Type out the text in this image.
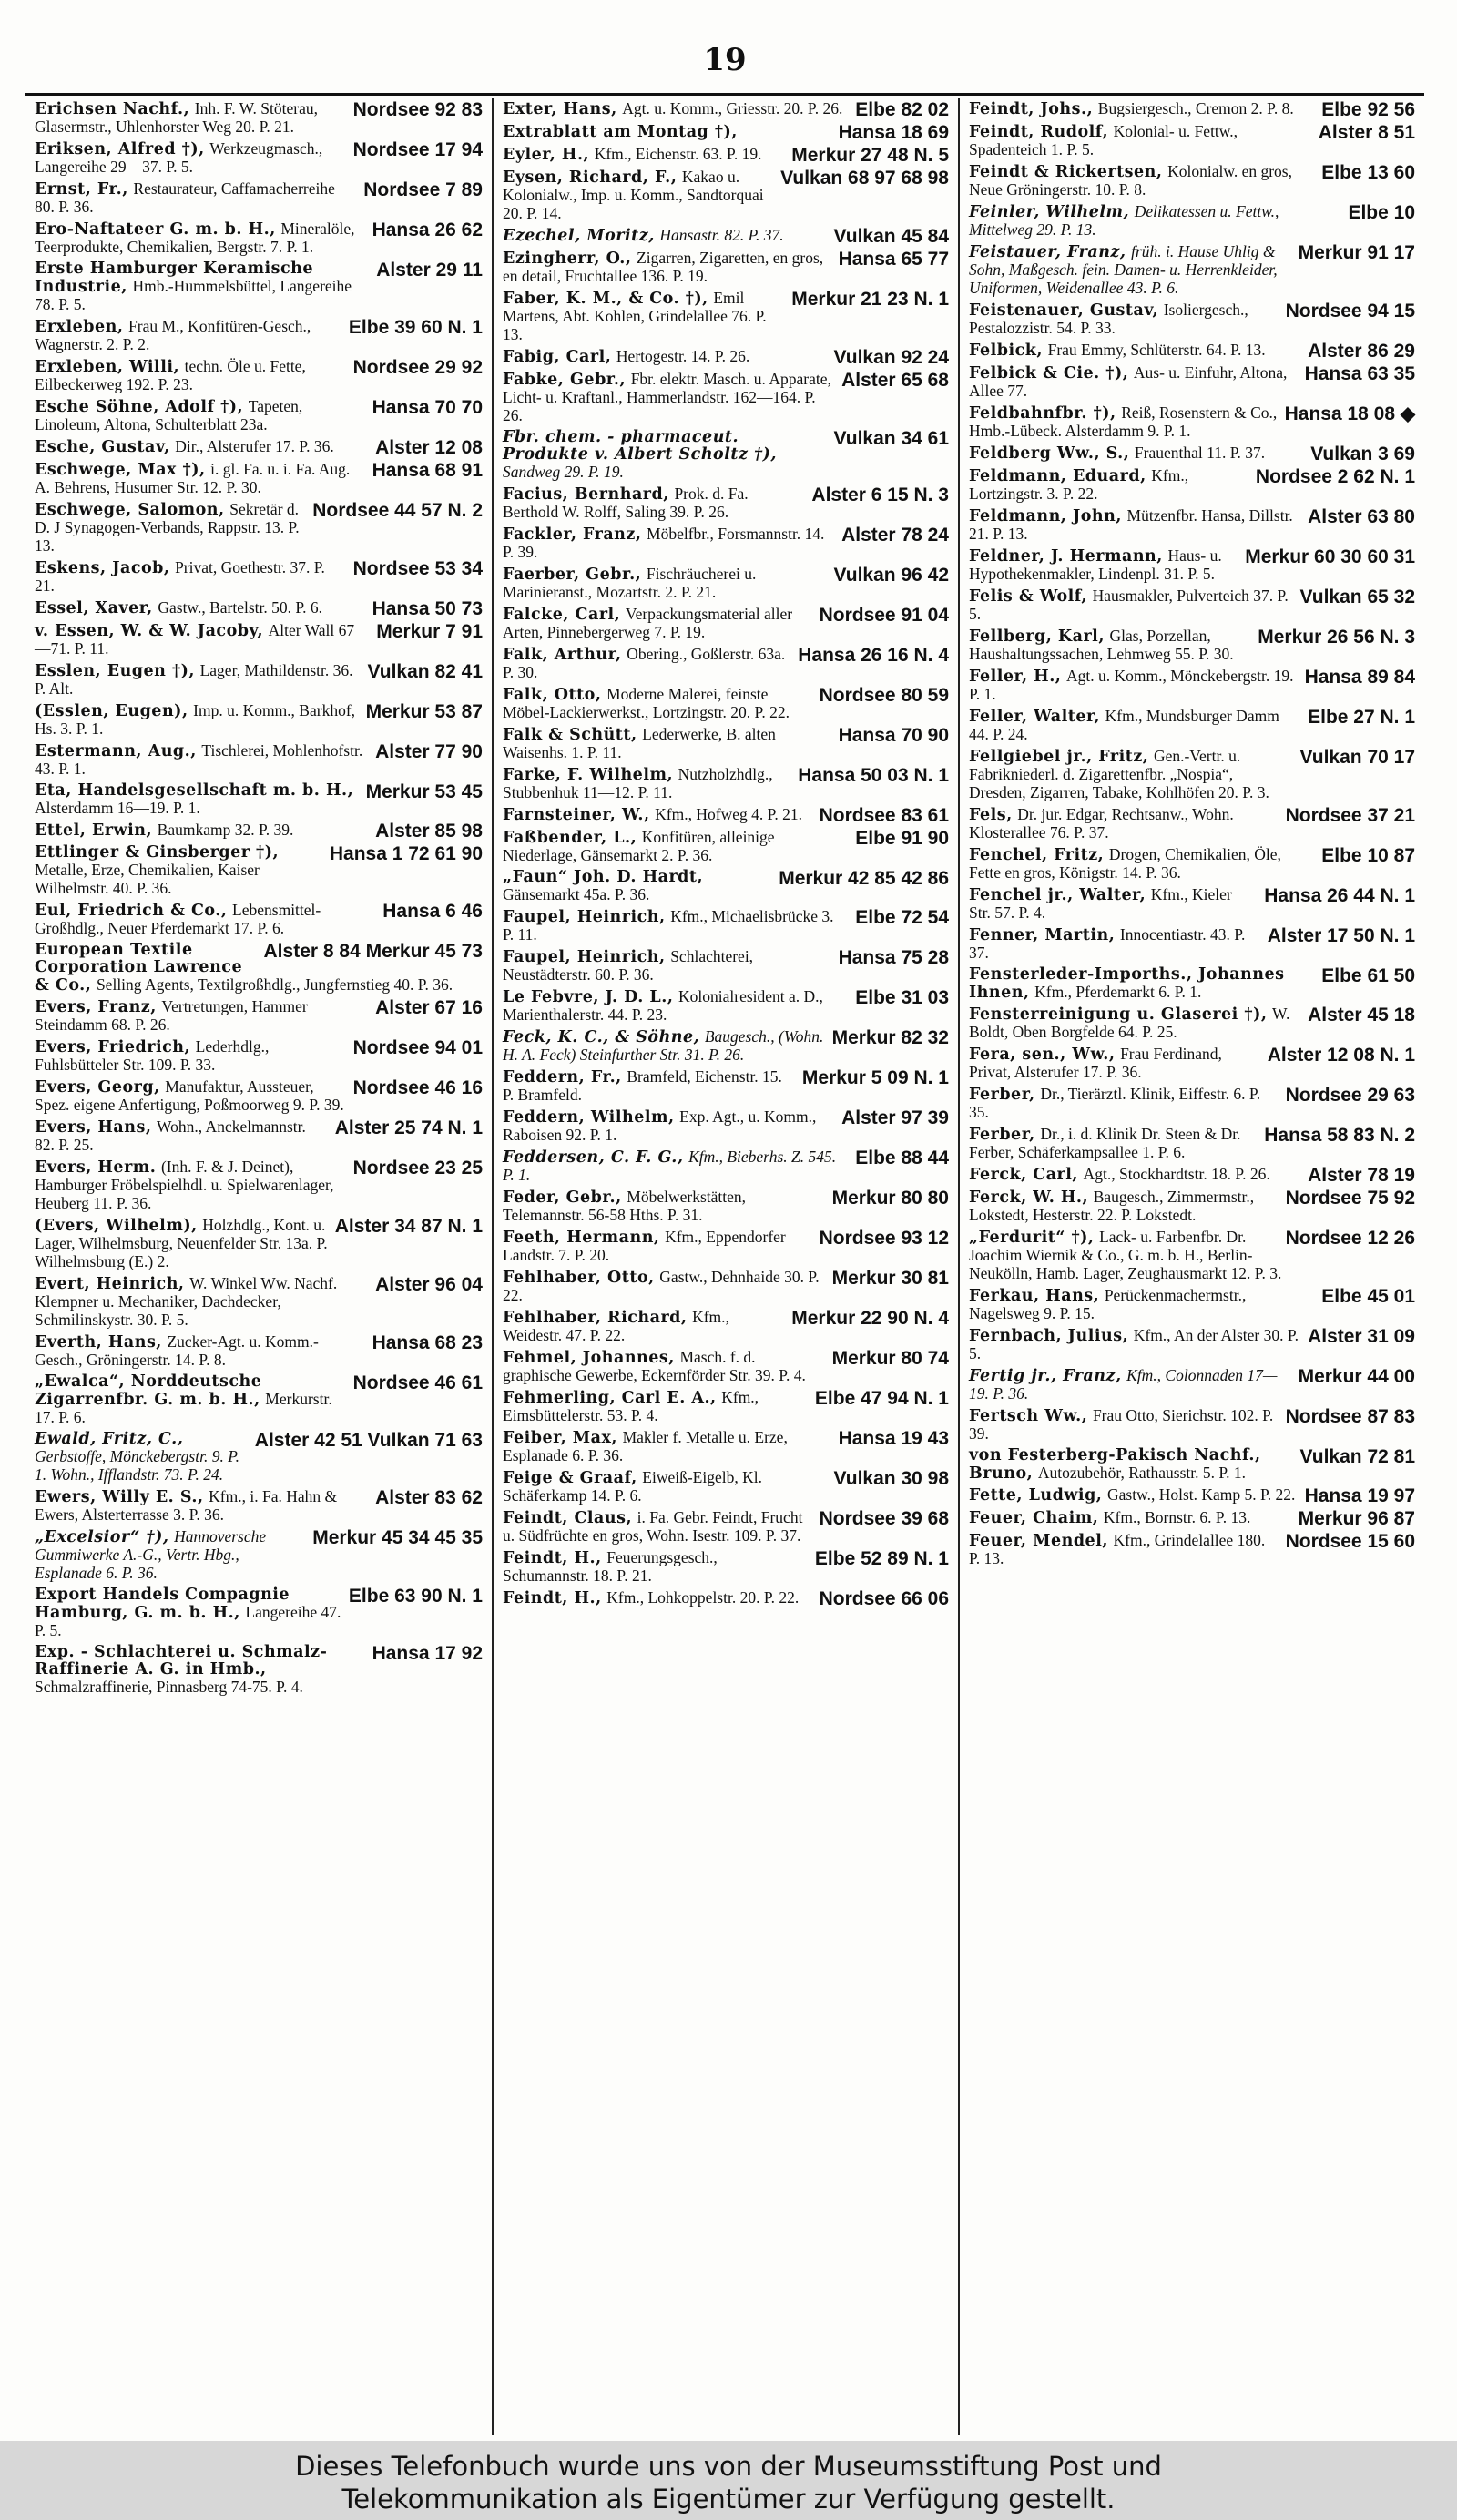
19
Nordsee 92 83
Erichsen Nachf., Inh. F. W. Stöterau, Glasermstr., Uhlenhorster Weg 20. P. 21.
Nordsee 17 94
Eriksen, Alfred †), Werkzeugmasch., Langereihe 29—37. P. 5.
Nordsee 7 89
Ernst, Fr., Restaurateur, Caffamacherreihe 80. P. 36.
Hansa 26 62
Ero-Naftateer G. m. b. H., Mineralöle, Teerprodukte, Chemikalien, Bergstr. 7. P. 1.
Alster 29 11
Erste Hamburger Keramische Industrie, Hmb.-Hummelsbüttel, Langereihe 78. P. 5.
Elbe 39 60 N. 1
Erxleben, Frau M., Konfitüren-Gesch., Wagnerstr. 2. P. 2.
Nordsee 29 92
Erxleben, Willi, techn. Öle u. Fette, Eilbeckerweg 192. P. 23.
Hansa 70 70
Esche Söhne, Adolf †), Tapeten, Linoleum, Altona, Schulterblatt 23a.
Alster 12 08
Esche, Gustav, Dir., Alsterufer 17. P. 36.
Hansa 68 91
Eschwege, Max †), i. gl. Fa. u. i. Fa. Aug. A. Behrens, Husumer Str. 12. P. 30.
Nordsee 44 57 N. 2
Eschwege, Salomon, Sekretär d. D. J Synagogen-Verbands, Rappstr. 13. P. 13.
Nordsee 53 34
Eskens, Jacob, Privat, Goethestr. 37. P. 21.
Hansa 50 73
Essel, Xaver, Gastw., Bartelstr. 50. P. 6.
Merkur 7 91
v. Essen, W. & W. Jacoby, Alter Wall 67—71. P. 11.
Vulkan 82 41
Esslen, Eugen †), Lager, Mathildenstr. 36. P. Alt.
Merkur 53 87
(Esslen, Eugen), Imp. u. Komm., Barkhof, Hs. 3. P. 1.
Alster 77 90
Estermann, Aug., Tischlerei, Mohlenhofstr. 43. P. 1.
Merkur 53 45
Eta, Handelsgesellschaft m. b. H., Alsterdamm 16—19. P. 1.
Alster 85 98
Ettel, Erwin, Baumkamp 32. P. 39.
Hansa 1 72 61 90
Ettlinger & Ginsberger †), Metalle, Erze, Chemikalien, Kaiser Wilhelmstr. 40. P. 36.
Hansa 6 46
Eul, Friedrich & Co., Lebensmittel-Großhdlg., Neuer Pferdemarkt 17. P. 6.
Alster 8 84 Merkur 45 73
European Textile Corporation Lawrence & Co., Selling Agents, Textilgroßhdlg., Jungfernstieg 40. P. 36.
Alster 67 16
Evers, Franz, Vertretungen, Hammer Steindamm 68. P. 26.
Nordsee 94 01
Evers, Friedrich, Lederhdlg., Fuhlsbütteler Str. 109. P. 33.
Nordsee 46 16
Evers, Georg, Manufaktur, Aussteuer, Spez. eigene Anfertigung, Poßmoorweg 9. P. 39.
Alster 25 74 N. 1
Evers, Hans, Wohn., Anckelmannstr. 82. P. 25.
Nordsee 23 25
Evers, Herm. (Inh. F. & J. Deinet), Hamburger Fröbelspielhdl. u. Spielwarenlager, Heuberg 11. P. 36.
Alster 34 87 N. 1
(Evers, Wilhelm), Holzhdlg., Kont. u. Lager, Wilhelmsburg, Neuenfelder Str. 13a. P. Wilhelmsburg (E.) 2.
Alster 96 04
Evert, Heinrich, W. Winkel Ww. Nachf. Klempner u. Mechaniker, Dachdecker, Schmilinskystr. 30. P. 5.
Hansa 68 23
Everth, Hans, Zucker-Agt. u. Komm.-Gesch., Gröningerstr. 14. P. 8.
Nordsee 46 61
„Ewalca“, Norddeutsche Zigarrenfbr. G. m. b. H., Merkurstr. 17. P. 6.
Alster 42 51 Vulkan 71 63
Ewald, Fritz, C., Gerbstoffe, Mönckebergstr. 9. P. 1. Wohn., Ifflandstr. 73. P. 24.
Alster 83 62
Ewers, Willy E. S., Kfm., i. Fa. Hahn & Ewers, Alsterterrasse 3. P. 36.
Merkur 45 34 45 35
„Excelsior“ †), Hannoversche Gummiwerke A.-G., Vertr. Hbg., Esplanade 6. P. 36.
Elbe 63 90 N. 1
Export Handels Compagnie Hamburg, G. m. b. H., Langereihe 47. P. 5.
Hansa 17 92
Exp. - Schlachterei u. Schmalz-Raffinerie A. G. in Hmb., Schmalzraffinerie, Pinnasberg 74-75. P. 4.
Elbe 82 02
Exter, Hans, Agt. u. Komm., Griesstr. 20. P. 26.
Hansa 18 69
Extrablatt am Montag †),
Merkur 27 48 N. 5
Eyler, H., Kfm., Eichenstr. 63. P. 19.
Vulkan 68 97 68 98
Eysen, Richard, F., Kakao u. Kolonialw., Imp. u. Komm., Sandtorquai 20. P. 14.
Vulkan 45 84
Ezechel, Moritz, Hansastr. 82. P. 37.
Hansa 65 77
Ezingherr, O., Zigarren, Zigaretten, en gros, en detail, Fruchtallee 136. P. 19.
Merkur 21 23 N. 1
Faber, K. M., & Co. †), Emil Martens, Abt. Kohlen, Grindelallee 76. P. 13.
Vulkan 92 24
Fabig, Carl, Hertogestr. 14. P. 26.
Alster 65 68
Fabke, Gebr., Fbr. elektr. Masch. u. Apparate, Licht- u. Kraftanl., Hammerlandstr. 162—164. P. 26.
Vulkan 34 61
Fbr. chem. - pharmaceut. Produkte v. Albert Scholtz †), Sandweg 29. P. 19.
Alster 6 15 N. 3
Facius, Bernhard, Prok. d. Fa. Berthold W. Rolff, Saling 39. P. 26.
Alster 78 24
Fackler, Franz, Möbelfbr., Forsmannstr. 14. P. 39.
Vulkan 96 42
Faerber, Gebr., Fischräucherei u. Marinieranst., Mozartstr. 2. P. 21.
Nordsee 91 04
Falcke, Carl, Verpackungsmaterial aller Arten, Pinnebergerweg 7. P. 19.
Hansa 26 16 N. 4
Falk, Arthur, Obering., Goßlerstr. 63a. P. 30.
Nordsee 80 59
Falk, Otto, Moderne Malerei, feinste Möbel-Lackierwerkst., Lortzingstr. 20. P. 22.
Hansa 70 90
Falk & Schütt, Lederwerke, B. alten Waisenhs. 1. P. 11.
Hansa 50 03 N. 1
Farke, F. Wilhelm, Nutzholzhdlg., Stubbenhuk 11—12. P. 11.
Nordsee 83 61
Farnsteiner, W., Kfm., Hofweg 4. P. 21.
Elbe 91 90
Faßbender, L., Konfitüren, alleinige Niederlage, Gänsemarkt 2. P. 36.
Merkur 42 85 42 86
„Faun“ Joh. D. Hardt, Gänsemarkt 45a. P. 36.
Elbe 72 54
Faupel, Heinrich, Kfm., Michaelisbrücke 3. P. 11.
Hansa 75 28
Faupel, Heinrich, Schlachterei, Neustädterstr. 60. P. 36.
Elbe 31 03
Le Febvre, J. D. L., Kolonialresident a. D., Marienthalerstr. 44. P. 23.
Merkur 82 32
Feck, K. C., & Söhne, Baugesch., (Wohn. H. A. Feck) Steinfurther Str. 31. P. 26.
Merkur 5 09 N. 1
Feddern, Fr., Bramfeld, Eichenstr. 15. P. Bramfeld.
Alster 97 39
Feddern, Wilhelm, Exp. Agt., u. Komm., Raboisen 92. P. 1.
Elbe 88 44
Feddersen, C. F. G., Kfm., Bieberhs. Z. 545. P. 1.
Merkur 80 80
Feder, Gebr., Möbelwerkstätten, Telemannstr. 56-58 Hths. P. 31.
Nordsee 93 12
Feeth, Hermann, Kfm., Eppendorfer Landstr. 7. P. 20.
Merkur 30 81
Fehlhaber, Otto, Gastw., Dehnhaide 30. P. 22.
Merkur 22 90 N. 4
Fehlhaber, Richard, Kfm., Weidestr. 47. P. 22.
Merkur 80 74
Fehmel, Johannes, Masch. f. d. graphische Gewerbe, Eckernförder Str. 39. P. 4.
Elbe 47 94 N. 1
Fehmerling, Carl E. A., Kfm., Eimsbüttelerstr. 53. P. 4.
Hansa 19 43
Feiber, Max, Makler f. Metalle u. Erze, Esplanade 6. P. 36.
Vulkan 30 98
Feige & Graaf, Eiweiß-Eigelb, Kl. Schäferkamp 14. P. 6.
Nordsee 39 68
Feindt, Claus, i. Fa. Gebr. Feindt, Frucht u. Südfrüchte en gros, Wohn. Isestr. 109. P. 37.
Elbe 52 89 N. 1
Feindt, H., Feuerungsgesch., Schumannstr. 18. P. 21.
Nordsee 66 06
Feindt, H., Kfm., Lohkoppelstr. 20. P. 22.
Elbe 92 56
Feindt, Johs., Bugsiergesch., Cremon 2. P. 8.
Alster 8 51
Feindt, Rudolf, Kolonial- u. Fettw., Spadenteich 1. P. 5.
Elbe 13 60
Feindt & Rickertsen, Kolonialw. en gros, Neue Gröningerstr. 10. P. 8.
Elbe 10
Feinler, Wilhelm, Delikatessen u. Fettw., Mittelweg 29. P. 13.
Merkur 91 17
Feistauer, Franz, früh. i. Hause Uhlig & Sohn, Maßgesch. fein. Damen- u. Herrenkleider, Uniformen, Weidenallee 43. P. 6.
Nordsee 94 15
Feistenauer, Gustav, Isoliergesch., Pestalozzistr. 54. P. 33.
Alster 86 29
Felbick, Frau Emmy, Schlüterstr. 64. P. 13.
Hansa 63 35
Felbick & Cie. †), Aus- u. Einfuhr, Altona, Allee 77.
Hansa 18 08 ◆
Feldbahnfbr. †), Reiß, Rosenstern & Co., Hmb.-Lübeck. Alsterdamm 9. P. 1.
Vulkan 3 69
Feldberg Ww., S., Frauenthal 11. P. 37.
Nordsee 2 62 N. 1
Feldmann, Eduard, Kfm., Lortzingstr. 3. P. 22.
Alster 63 80
Feldmann, John, Mützenfbr. Hansa, Dillstr. 21. P. 13.
Merkur 60 30 60 31
Feldner, J. Hermann, Haus- u. Hypothekenmakler, Lindenpl. 31. P. 5.
Vulkan 65 32
Felis & Wolf, Hausmakler, Pulverteich 37. P. 5.
Merkur 26 56 N. 3
Fellberg, Karl, Glas, Porzellan, Haushaltungssachen, Lehmweg 55. P. 30.
Hansa 89 84
Feller, H., Agt. u. Komm., Mönckebergstr. 19. P. 1.
Elbe 27 N. 1
Feller, Walter, Kfm., Mundsburger Damm 44. P. 24.
Vulkan 70 17
Fellgiebel jr., Fritz, Gen.-Vertr. u. Fabrikniederl. d. Zigarettenfbr. „Nospia“, Dresden, Zigarren, Tabake, Kohlhöfen 20. P. 3.
Nordsee 37 21
Fels, Dr. jur. Edgar, Rechtsanw., Wohn. Klosterallee 76. P. 37.
Elbe 10 87
Fenchel, Fritz, Drogen, Chemikalien, Öle, Fette en gros, Königstr. 14. P. 36.
Hansa 26 44 N. 1
Fenchel jr., Walter, Kfm., Kieler Str. 57. P. 4.
Alster 17 50 N. 1
Fenner, Martin, Innocentiastr. 43. P. 37.
Elbe 61 50
Fensterleder-Imporths., Johannes Ihnen, Kfm., Pferdemarkt 6. P. 1.
Alster 45 18
Fensterreinigung u. Glaserei †), W. Boldt, Oben Borgfelde 64. P. 25.
Alster 12 08 N. 1
Fera, sen., Ww., Frau Ferdinand, Privat, Alsterufer 17. P. 36.
Nordsee 29 63
Ferber, Dr., Tierärztl. Klinik, Eiffestr. 6. P. 35.
Hansa 58 83 N. 2
Ferber, Dr., i. d. Klinik Dr. Steen & Dr. Ferber, Schäferkampsallee 1. P. 6.
Alster 78 19
Ferck, Carl, Agt., Stockhardtstr. 18. P. 26.
Nordsee 75 92
Ferck, W. H., Baugesch., Zimmermstr., Lokstedt, Hesterstr. 22. P. Lokstedt.
Nordsee 12 26
„Ferdurit“ †), Lack- u. Farbenfbr. Dr. Joachim Wiernik & Co., G. m. b. H., Berlin-Neukölln, Hamb. Lager, Zeughausmarkt 12. P. 3.
Elbe 45 01
Ferkau, Hans, Perückenmachermstr., Nagelsweg 9. P. 15.
Alster 31 09
Fernbach, Julius, Kfm., An der Alster 30. P. 5.
Merkur 44 00
Fertig jr., Franz, Kfm., Colonnaden 17—19. P. 36.
Nordsee 87 83
Fertsch Ww., Frau Otto, Sierichstr. 102. P. 39.
Vulkan 72 81
von Festerberg-Pakisch Nachf., Bruno, Autozubehör, Rathausstr. 5. P. 1.
Hansa 19 97
Fette, Ludwig, Gastw., Holst. Kamp 5. P. 22.
Merkur 96 87
Feuer, Chaim, Kfm., Bornstr. 6. P. 13.
Nordsee 15 60
Feuer, Mendel, Kfm., Grindelallee 180. P. 13.
Dieses Telefonbuch wurde uns von der Museumsstiftung Post und
Telekommunikation als Eigentümer zur Verfügung gestellt.
